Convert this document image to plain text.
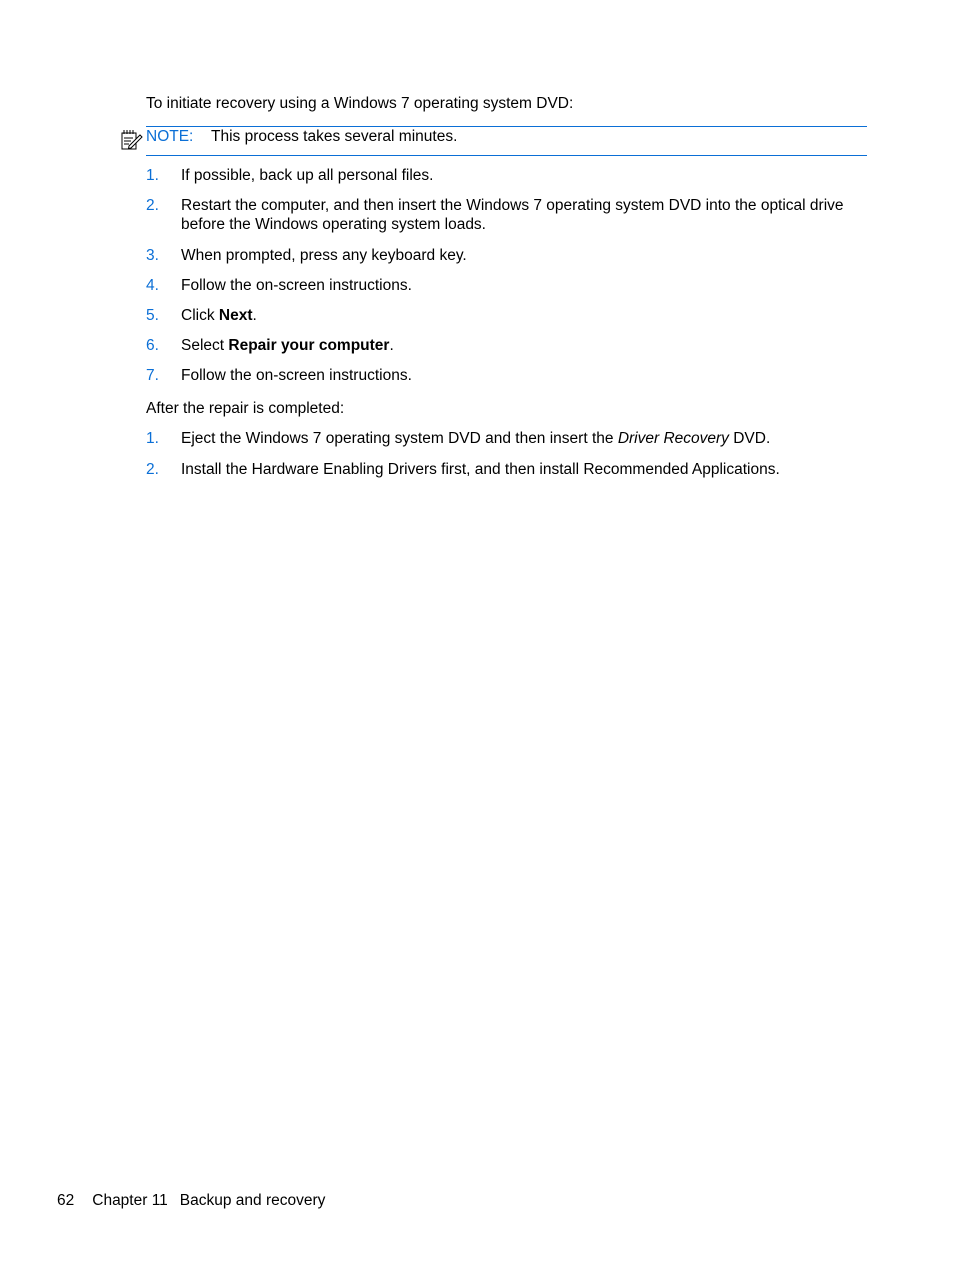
To initiate recovery using a Windows 7 operating system DVD:

NOTE: This process takes several minutes.
1. If possible, back up all personal files.
2. Restart the computer, and then insert the Windows 7 operating system DVD into the optical drive before the Windows operating system loads.
3. When prompted, press any keyboard key.
4. Follow the on-screen instructions.
5. Click Next.
6. Select Repair your computer.
7. Follow the on-screen instructions.

After the repair is completed:

1. Eject the Windows 7 operating system DVD and then insert the Driver Recovery DVD.
2. Install the Hardware Enabling Drivers first, and then install Recommended Applications.
62 Chapter 11 Backup and recovery
